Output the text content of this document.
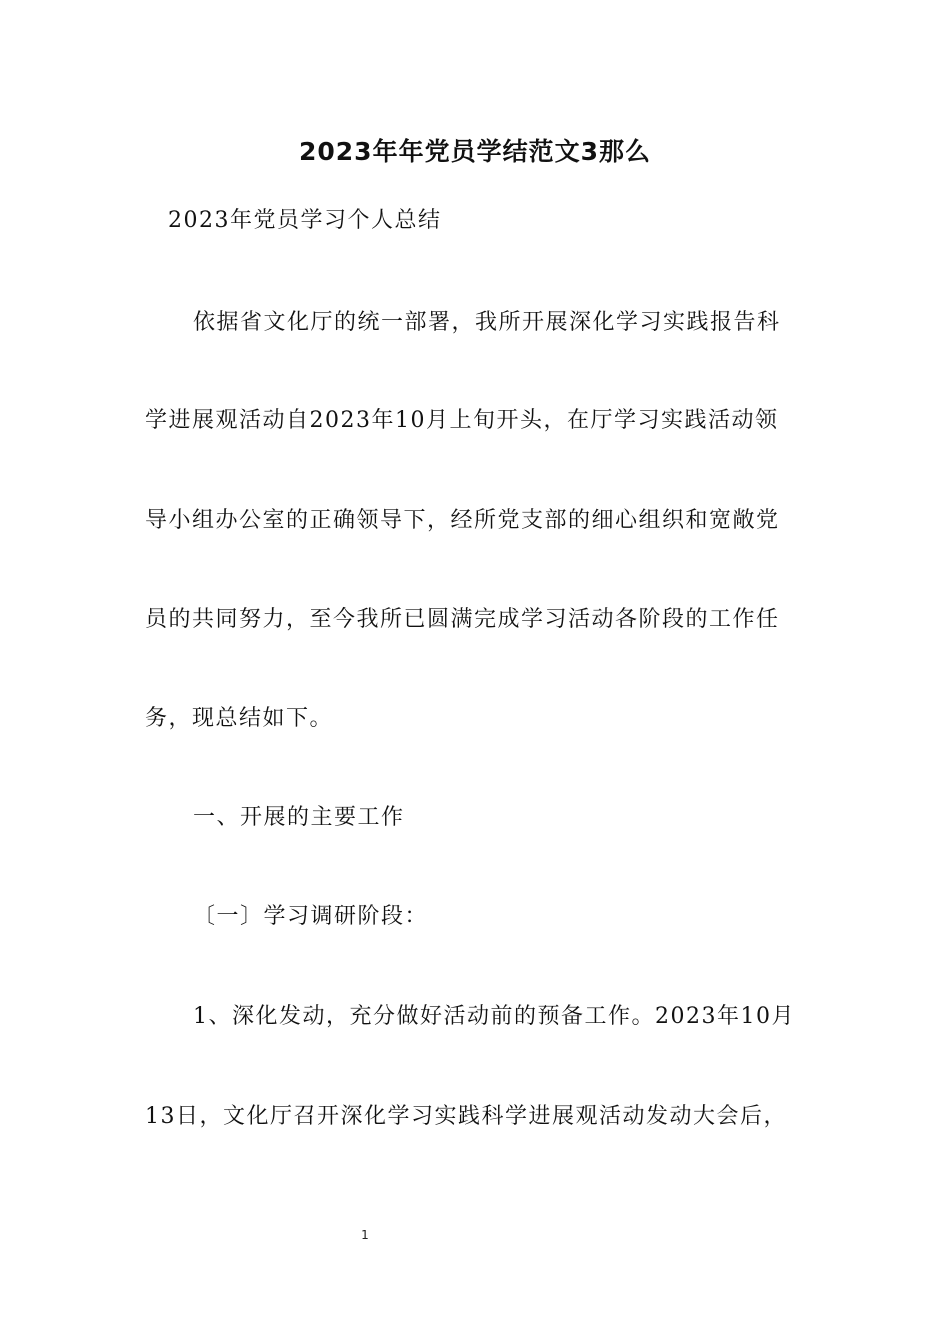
2023年年党员学结范文3那么
2023年党员学习个人总结
依据省文化厅的统一部署，我所开展深化学习实践报告科
学进展观活动自2023年10月上旬开头，在厅学习实践活动领
导小组办公室的正确领导下，经所党支部的细心组织和宽敞党
员的共同努力，至今我所已圆满完成学习活动各阶段的工作任
务，现总结如下。
一、开展的主要工作
〔一〕学习调研阶段：
1、深化发动，充分做好活动前的预备工作。2023年10月
13日，文化厅召开深化学习实践科学进展观活动发动大会后，
1
